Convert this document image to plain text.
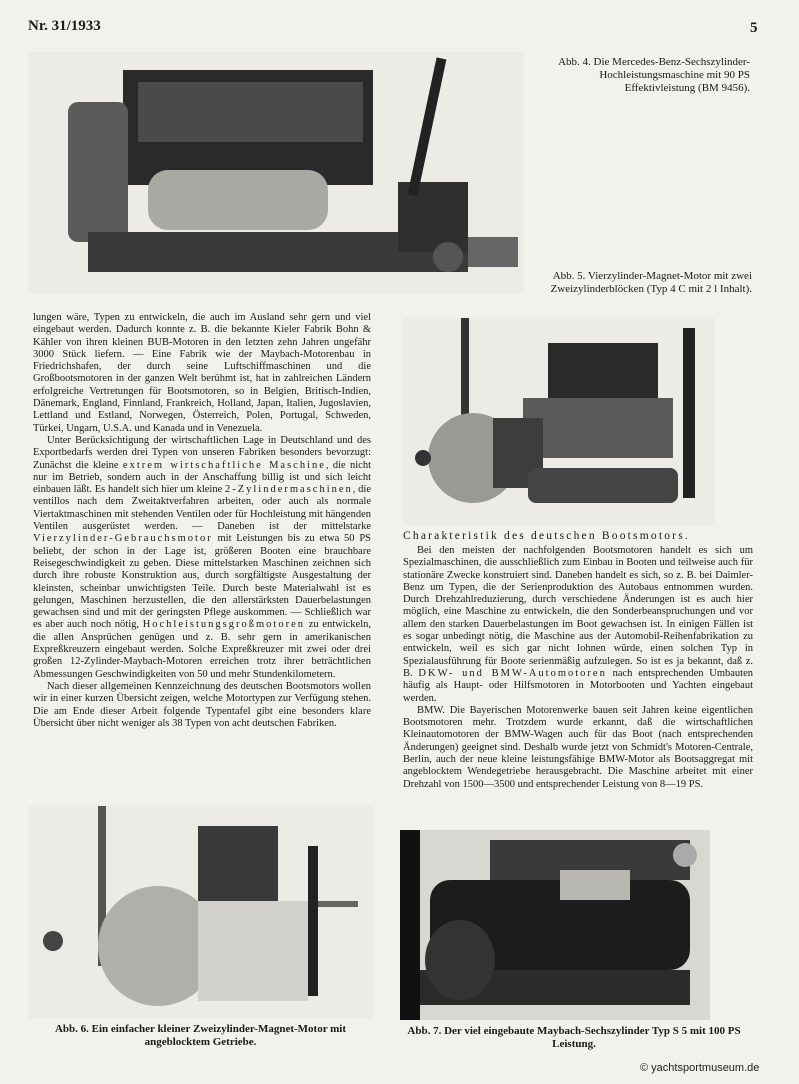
Nr. 31/1933	5
Abb. 4. Die Mercedes-Benz-Sechszylinder-Hochleistungsmaschine mit 90 PS Effektivleistung (BM 9456).
Abb. 5. Vierzylinder-Magnet-Motor mit zwei Zweizylinderblöcken (Typ 4 C mit 2 l Inhalt).

lungen wäre, Typen zu entwickeln, die auch im Ausland sehr gern und viel eingebaut werden. Dadurch konnte z. B. die bekannte Kieler Fabrik Bohn & Kähler von ihren kleinen BUB-Motoren in den letzten zehn Jahren ungefähr 3000 Stück liefern. — Eine Fabrik wie der Maybach-Motorenbau in Friedrichshafen, der durch seine Luftschiffmaschinen und die Großbootsmotoren in der ganzen Welt berühmt ist, hat in zahlreichen Ländern erfolgreiche Vertretungen für Bootsmotoren, so in Belgien, Britisch-Indien, Dänemark, England, Finnland, Frankreich, Holland, Japan, Italien, Jugoslavien, Lettland und Estland, Norwegen, Österreich, Polen, Portugal, Schweden, Türkei, Ungarn, U.S.A. und Kanada und in Venezuela.

Unter Berücksichtigung der wirtschaftlichen Lage in Deutschland und des Exportbedarfs werden drei Typen von unseren Fabriken besonders bevorzugt: Zunächst die kleine extrem wirtschaftliche Maschine, die nicht nur im Betrieb, sondern auch in der Anschaffung billig ist und sich leicht einbauen läßt. Es handelt sich hier um kleine 2-Zylindermaschinen, die ventillos nach dem Zweitaktverfahren arbeiten, oder auch als normale Viertaktmaschinen mit stehenden Ventilen oder für Hochleistung mit hängenden Ventilen ausgerüstet werden. — Daneben ist der mittelstarke Vierzylinder-Gebrauchsmotor mit Leistungen bis zu etwa 50 PS beliebt, der schon in der Lage ist, größeren Booten eine brauchbare Reisegeschwindigkeit zu geben. Diese mittelstarken Maschinen zeichnen sich durch ihre robuste Konstruktion aus, durch sorgfältigste Ausgestaltung der kleinsten, scheinbar unwichtigsten Teile. Durch beste Materialwahl ist es gelungen, Maschinen herzustellen, die den allerstärksten Dauerbelastungen gewachsen sind und mit der geringsten Pflege auskommen. — Schließlich war es aber auch noch nötig, Hochleistungsgroßmotoren zu entwickeln, die allen Ansprüchen genügen und z. B. sehr gern in amerikanischen Expreßkreuzern eingebaut werden. Solche Expreßkreuzer mit zwei oder drei großen 12-Zylinder-Maybach-Motoren erreichen trotz ihrer beträchtlichen Abmessungen Geschwindigkeiten von 50 und mehr Stundenkilometern.

Nach dieser allgemeinen Kennzeichnung des deutschen Bootsmotors wollen wir in einer kurzen Übersicht zeigen, welche Motortypen zur Verfügung stehen. Die am Ende dieser Arbeit folgende Typentafel gibt eine besonders klare Übersicht über nicht weniger als 38 Typen von acht deutschen Fabriken.

Charakteristik des deutschen Bootsmotors.

Bei den meisten der nachfolgenden Bootsmotoren handelt es sich um Spezialmaschinen, die ausschließlich zum Einbau in Booten und teilweise auch für stationäre Zwecke konstruiert sind. Daneben handelt es sich, so z. B. bei Daimler-Benz um Typen, die der Serienproduktion des Autobaus entnommen wurden. Durch Drehzahlreduzierung, durch verschiedene Änderungen ist es auch hier möglich, eine Maschine zu entwickeln, die den Sonderbeanspruchungen und vor allem den starken Dauerbelastungen im Boot gewachsen ist. In einigen Fällen ist es sogar unbedingt nötig, die Maschine aus der Automobil-Reihenfabrikation zu entwickeln, weil es sich gar nicht lohnen würde, einen solchen Typ in Spezialausführung für Boote serienmäßig aufzulegen. So ist es ja bekannt, daß z. B. DKW- und BMW-Automotoren nach entsprechenden Umbauten häufig als Haupt- oder Hilfsmotoren in Motorbooten und Yachten eingebaut werden.

BMW. Die Bayerischen Motorenwerke bauen seit Jahren keine eigentlichen Bootsmotoren mehr. Trotzdem wurde erkannt, daß die wirtschaftlichen Kleinautomotoren der BMW-Wagen auch für das Boot (nach entsprechenden Änderungen) geeignet sind. Deshalb wurde jetzt von Schmidt's Motoren-Centrale, Berlin, auch der neue kleine leistungsfähige BMW-Motor als Bootsaggregat mit angeblocktem Wendegetriebe herausgebracht. Die Maschine arbeitet mit einer Drehzahl von 1500—3500 und entsprechender Leistung von 8—19 PS.

Abb. 6. Ein einfacher kleiner Zweizylinder-Magnet-Motor mit angeblocktem Getriebe.
Abb. 7. Der viel eingebaute Maybach-Sechszylinder Typ S 5 mit 100 PS Leistung.
© yachtsportmuseum.de
